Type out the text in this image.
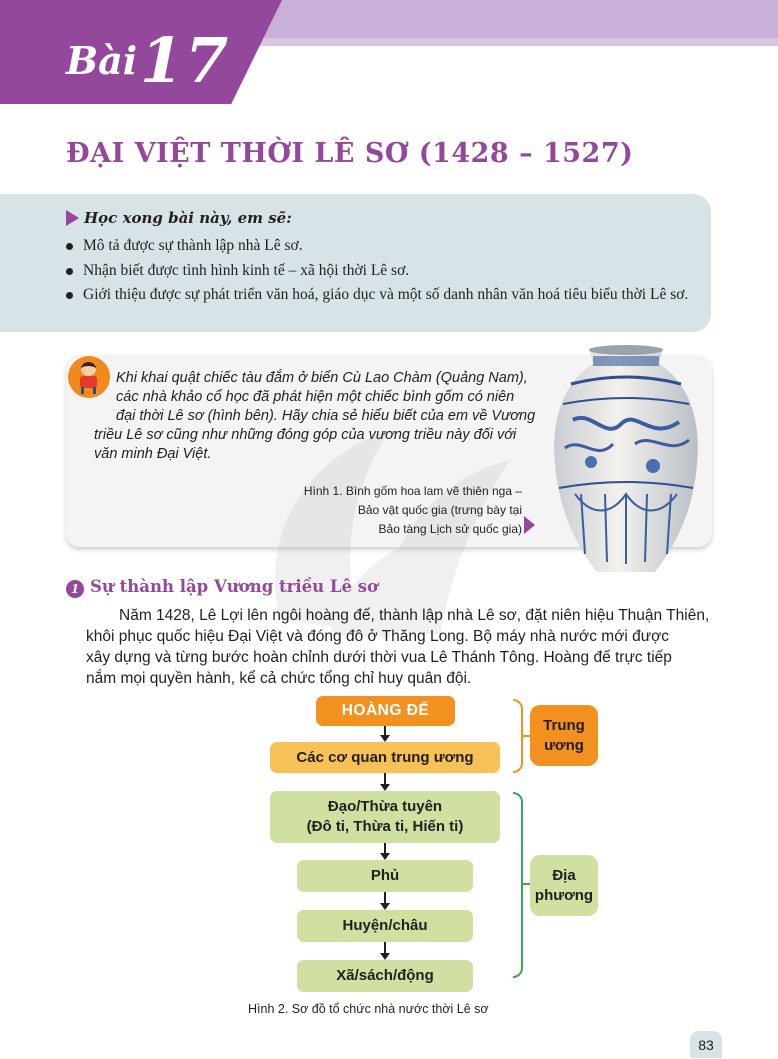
Bài 17
ĐẠI VIỆT THỜI LÊ SƠ (1428 – 1527)
Học xong bài này, em sẽ:
Mô tả được sự thành lập nhà Lê sơ.
Nhận biết được tình hình kinh tế – xã hội thời Lê sơ.
Giới thiệu được sự phát triển văn hoá, giáo dục và một số danh nhân văn hoá tiêu biểu thời Lê sơ.
Khi khai quật chiếc tàu đắm ở biển Cù Lao Chàm (Quảng Nam),
các nhà khảo cổ học đã phát hiện một chiếc bình gốm có niên
đại thời Lê sơ (hình bên). Hãy chia sẻ hiểu biết của em về Vương
triều Lê sơ cũng như những đóng góp của vương triều này đối với
văn minh Đại Việt.
Hình 1. Bình gốm hoa lam vẽ thiên nga –
Bảo vật quốc gia (trưng bày tại
Bảo tàng Lịch sử quốc gia)
1 Sự thành lập Vương triều Lê sơ
Năm 1428, Lê Lợi lên ngôi hoàng đế, thành lập nhà Lê sơ, đặt niên hiệu Thuận Thiên,
khôi phục quốc hiệu Đại Việt và đóng đô ở Thăng Long. Bộ máy nhà nước mới được
xây dựng và từng bước hoàn chỉnh dưới thời vua Lê Thánh Tông. Hoàng đế trực tiếp
nắm mọi quyền hành, kể cả chức tổng chỉ huy quân đội.
HOÀNG ĐẾ
Các cơ quan trung ương
Đạo/Thừa tuyên
(Đô ti, Thừa ti, Hiến ti)
Phủ
Huyện/châu
Xã/sách/động
Trung
ương
Địa
phương
Hình 2. Sơ đồ tổ chức nhà nước thời Lê sơ
83
